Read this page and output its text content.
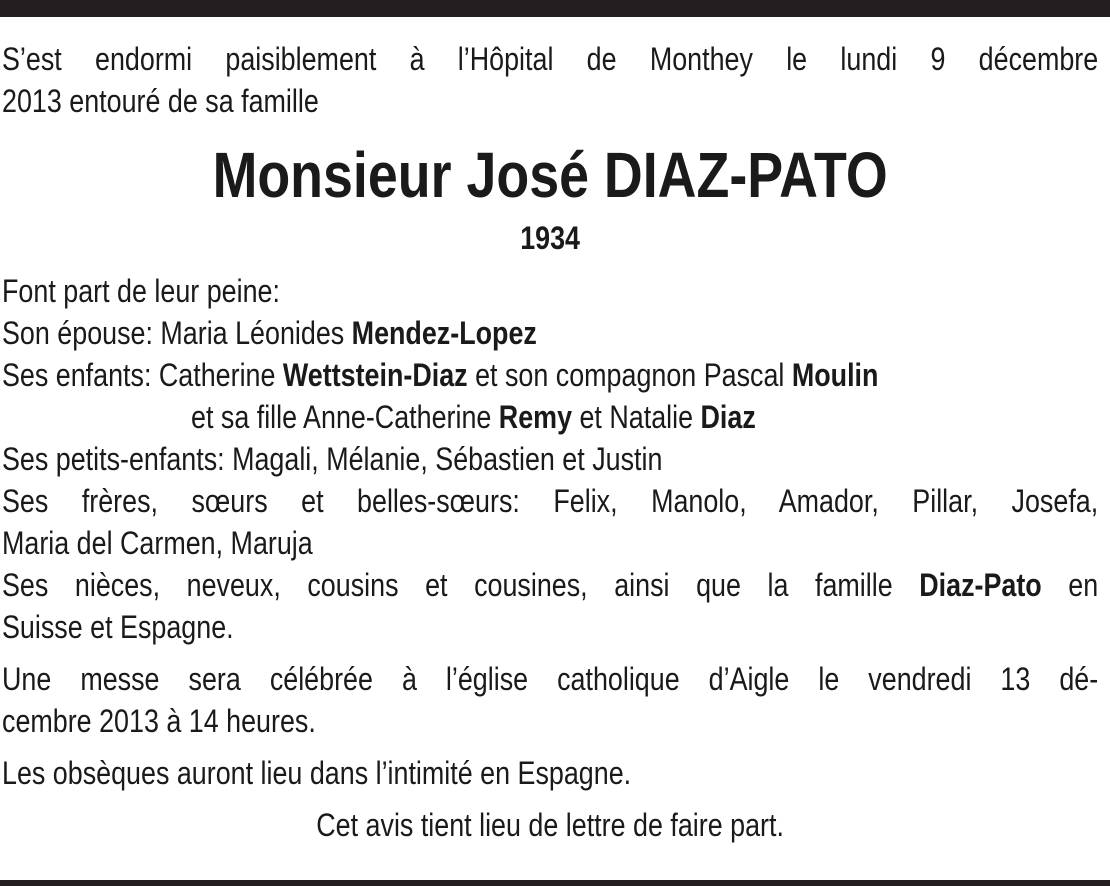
S’est endormi paisiblement à l’Hôpital de Monthey le lundi 9 décembre

2013 entouré de sa famille

Monsieur José DIAZ-PATO
1934

Font part de leur peine:

Son épouse: Maria Léonides Mendez-Lopez

Ses enfants: Catherine Wettstein-Diaz et son compagnon Pascal Moulin

et sa fille Anne-Catherine Remy et Natalie Diaz

Ses petits-enfants: Magali, Mélanie, Sébastien et Justin

Ses frères, sœurs et belles-sœurs: Felix, Manolo, Amador, Pillar, Josefa,

Maria del Carmen, Maruja

Ses nièces, neveux, cousins et cousines, ainsi que la famille Diaz-Pato en

Suisse et Espagne.

Une messe sera célébrée à l’église catholique d’Aigle le vendredi 13 dé-

cembre 2013 à 14 heures.

Les obsèques auront lieu dans l’intimité en Espagne.

Cet avis tient lieu de lettre de faire part.
